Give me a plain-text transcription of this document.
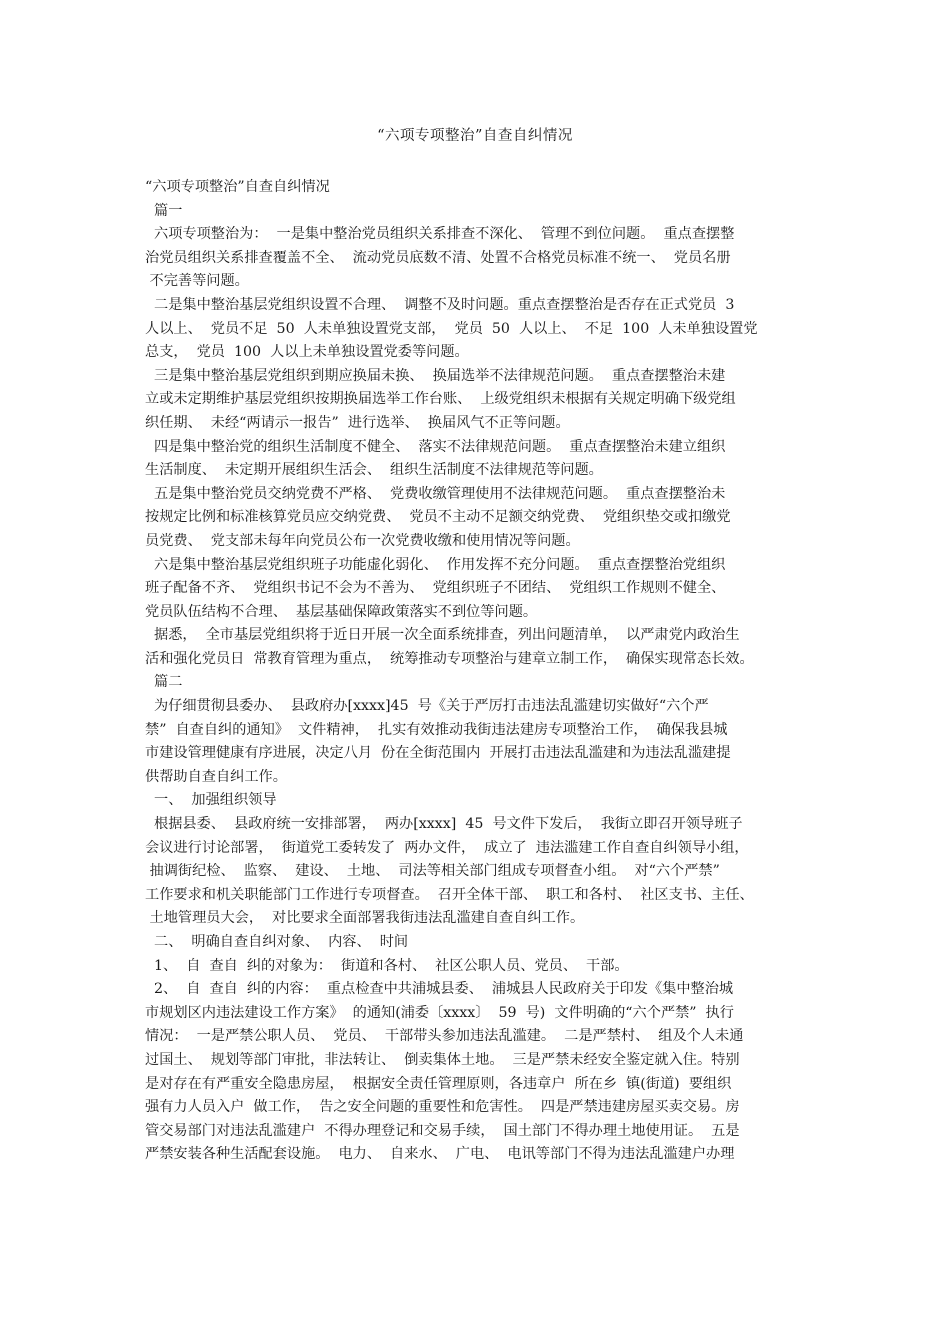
“六项专项整治”自查自纠情况
“六项专项整治”自查自纠情况
篇一
六项专项整治为：  一是集中整治党员组织关系排查不深化、  管理不到位问题。  重点查摆整
治党员组织关系排查覆盖不全、  流动党员底数不清、处置不合格党员标准不统一、  党员名册
不完善等问题。
二是集中整治基层党组织设置不合理、  调整不及时问题。重点查摆整治是否存在正式党员  3
人以上、  党员不足  50  人未单独设置党支部，  党员  50  人以上、  不足  100  人未单独设置党
总支，  党员  100  人以上未单独设置党委等问题。
三是集中整治基层党组织到期应换届未换、  换届选举不法律规范问题。  重点查摆整治未建
立或未定期维护基层党组织按期换届选举工作台账、  上级党组织未根据有关规定明确下级党组
织任期、  未经“两请示一报告”  进行选举、  换届风气不正等问题。
四是集中整治党的组织生活制度不健全、  落实不法律规范问题。  重点查摆整治未建立组织
生活制度、  未定期开展组织生活会、  组织生活制度不法律规范等问题。
五是集中整治党员交纳党费不严格、  党费收缴管理使用不法律规范问题。  重点查摆整治未
按规定比例和标准核算党员应交纳党费、  党员不主动不足额交纳党费、  党组织垫交或扣缴党
员党费、  党支部未每年向党员公布一次党费收缴和使用情况等问题。
六是集中整治基层党组织班子功能虚化弱化、  作用发挥不充分问题。  重点查摆整治党组织
班子配备不齐、  党组织书记不会为不善为、  党组织班子不团结、  党组织工作规则不健全、
党员队伍结构不合理、  基层基础保障政策落实不到位等问题。
据悉，  全市基层党组织将于近日开展一次全面系统排查，列出问题清单，  以严肃党内政治生
活和强化党员日  常教育管理为重点，  统筹推动专项整治与建章立制工作，  确保实现常态长效。
篇二
为仔细贯彻县委办、  县政府办[xxxx]45  号《关于严厉打击违法乱滥建切实做好“六个严
禁”  自查自纠的通知》  文件精神，  扎实有效推动我街违法建房专项整治工作，  确保我县城
市建设管理健康有序进展，决定八月  份在全街范围内  开展打击违法乱滥建和为违法乱滥建提
供帮助自查自纠工作。
一、  加强组织领导
根据县委、  县政府统一安排部署，  两办[xxxx]  45  号文件下发后，  我街立即召开领导班子
会议进行讨论部署，  街道党工委转发了  两办文件，  成立了  违法滥建工作自查自纠领导小组，
抽调街纪检、  监察、  建设、  土地、  司法等相关部门组成专项督查小组。  对“六个严禁”
工作要求和机关职能部门工作进行专项督查。  召开全体干部、  职工和各村、  社区支书、主任、
土地管理员大会，  对比要求全面部署我街违法乱滥建自查自纠工作。
二、  明确自查自纠对象、  内容、  时间
1、  自  查自  纠的对象为：  街道和各村、  社区公职人员、党员、  干部。
2、  自  查自  纠的内容：  重点检查中共浦城县委、  浦城县人民政府关于印发《集中整治城
市规划区内违法建设工作方案》  的通知(浦委〔xxxx〕  59  号)  文件明确的“六个严禁”  执行
情况：  一是严禁公职人员、  党员、  干部带头参加违法乱滥建。  二是严禁村、  组及个人未通
过国土、  规划等部门审批，非法转让、  倒卖集体土地。  三是严禁未经安全鉴定就入住。特别
是对存在有严重安全隐患房屋，  根据安全责任管理原则，各违章户  所在乡  镇(街道)  要组织
强有力人员入户  做工作，  告之安全问题的重要性和危害性。  四是严禁违建房屋买卖交易。房
管交易部门对违法乱滥建户  不得办理登记和交易手续，  国土部门不得办理土地使用证。  五是
严禁安装各种生活配套设施。  电力、  自来水、  广电、  电讯等部门不得为违法乱滥建户办理
